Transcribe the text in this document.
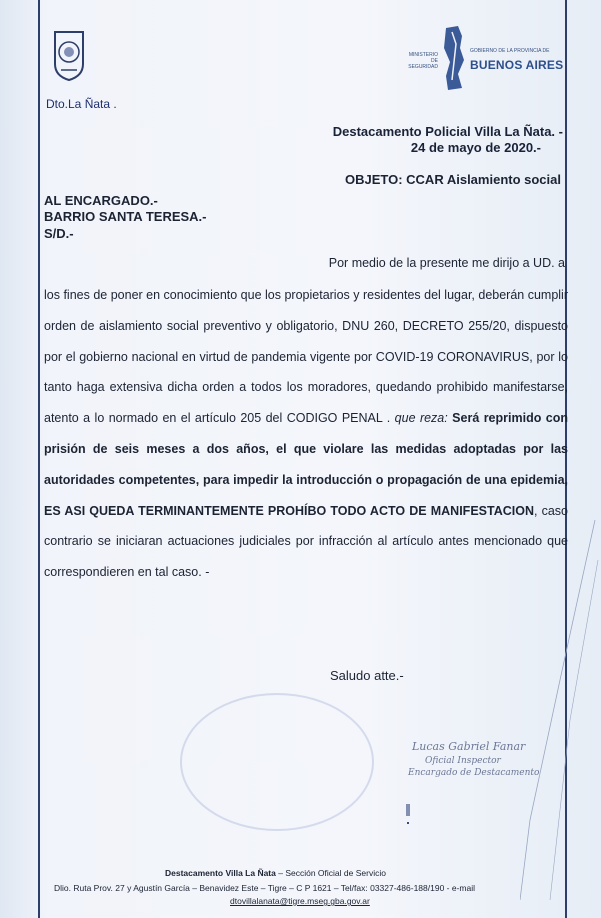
Dto.La Ñata .
MINISTERIO DE SEGURIDAD
GOBIERNO DE LA PROVINCIA DE
BUENOS AIRES
Destacamento Policial Villa La Ñata. -
24 de mayo de 2020.-
OBJETO: CCAR Aislamiento social
AL ENCARGADO.-
BARRIO SANTA TERESA.-
S/D.-
Por medio de la presente me dirijo a UD. a
los fines de poner en conocimiento que los propietarios y residentes del lugar, deberán cumplir orden de aislamiento social preventivo y obligatorio, DNU 260, DECRETO 255/20, dispuesto por el gobierno nacional en virtud de pandemia vigente por COVID-19 CORONAVIRUS, por lo tanto haga extensiva dicha orden a todos los moradores, quedando prohibido manifestarse, atento a lo normado en el artículo 205 del CODIGO PENAL . que reza: Será reprimido con prisión de seis meses a dos años, el que violare las medidas adoptadas por las autoridades competentes, para impedir la introducción o propagación de una epidemia, ES ASI QUEDA TERMINANTEMENTE PROHÍBO TODO ACTO DE MANIFESTACION, caso contrario se iniciaran actuaciones judiciales por infracción al artículo antes mencionado que correspondieren en tal caso. -
Saludo atte.-
Lucas Gabriel Fanar
Oficial Inspector
Encargado de Destacamento
Destacamento Villa La Ñata – Sección Oficial de Servicio
Dlio. Ruta Prov. 27 y Agustín García – Benavidez Este – Tigre – C P 1621 – Tel/fax: 03327-486-188/190 - e-mail
dtovillalanata@tigre.mseg.gba.gov.ar
